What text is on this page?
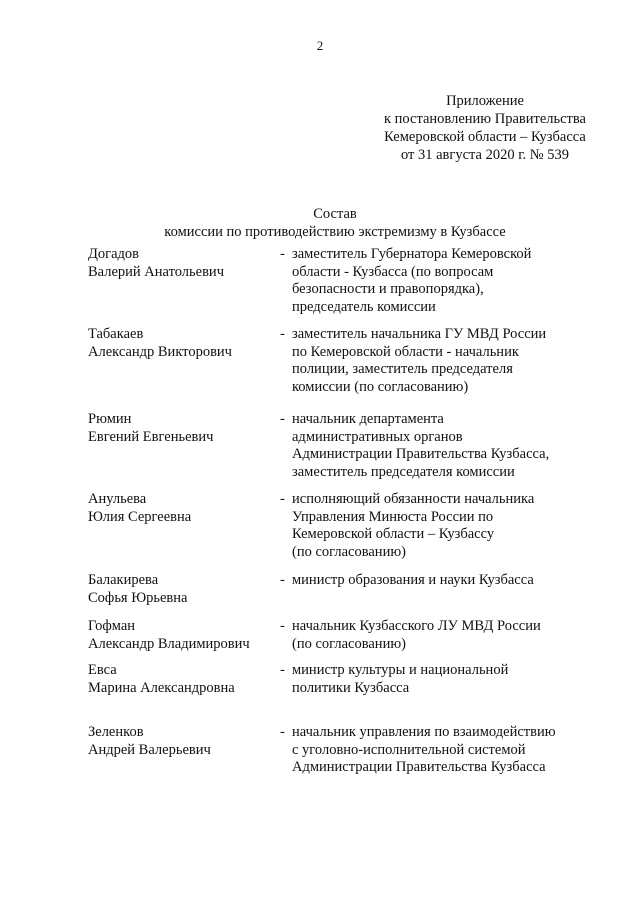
2
Приложение
к постановлению Правительства
Кемеровской области – Кузбасса
от 31 августа 2020 г. № 539
Состав
комиссии по противодействию экстремизму в Кузбассе
Догадов
Валерий Анатольевич
- заместитель Губернатора Кемеровской
области - Кузбасса (по вопросам
безопасности и правопорядка),
председатель комиссии
Табакаев
Александр Викторович
- заместитель начальника ГУ МВД России
по Кемеровской области - начальник
полиции, заместитель председателя
комиссии (по согласованию)
Рюмин
Евгений Евгеньевич
- начальник департамента
административных органов
Администрации Правительства Кузбасса,
заместитель председателя комиссии
Анульева
Юлия Сергеевна
- исполняющий обязанности начальника
Управления Минюста России по
Кемеровской области – Кузбассу
(по согласованию)
Балакирева
Софья Юрьевна
- министр образования и науки Кузбасса
Гофман
Александр Владимирович
- начальник Кузбасского ЛУ МВД России
(по согласованию)
Евса
Марина Александровна
- министр культуры и национальной
политики Кузбасса
Зеленков
Андрей Валерьевич
- начальник управления по взаимодействию
с уголовно-исполнительной системой
Администрации Правительства Кузбасса
